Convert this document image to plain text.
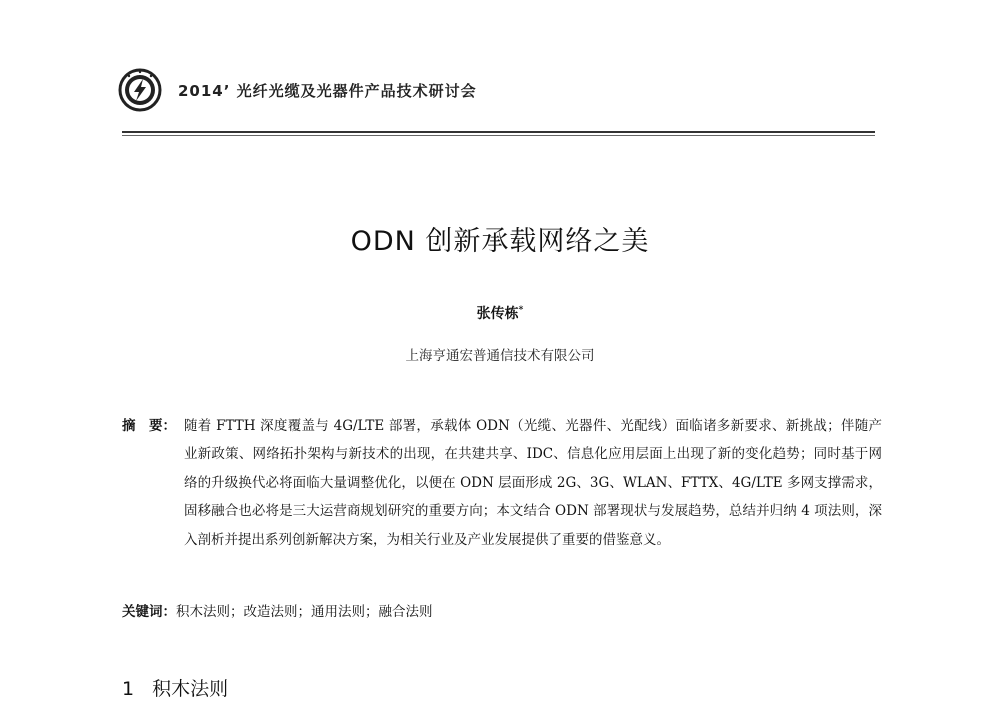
2014’ 光纤光缆及光器件产品技术研讨会
ODN 创新承载网络之美
张传栋*
上海亨通宏普通信技术有限公司
摘　要： 随着 FTTH 深度覆盖与 4G/LTE 部署，承载体 ODN（光缆、光器件、光配线）面临诸多新要求、新挑战；伴随产业新政策、网络拓扑架构与新技术的出现，在共建共享、IDC、信息化应用层面上出现了新的变化趋势；同时基于网络的升级换代必将面临大量调整优化，以便在 ODN 层面形成 2G、3G、WLAN、FTTX、4G/LTE 多网支撑需求，固移融合也必将是三大运营商规划研究的重要方向；本文结合 ODN 部署现状与发展趋势，总结并归纳 4 项法则，深入剖析并提出系列创新解决方案，为相关行业及产业发展提供了重要的借鉴意义。
关键词：积木法则；改造法则；通用法则；融合法则
1 积木法则
